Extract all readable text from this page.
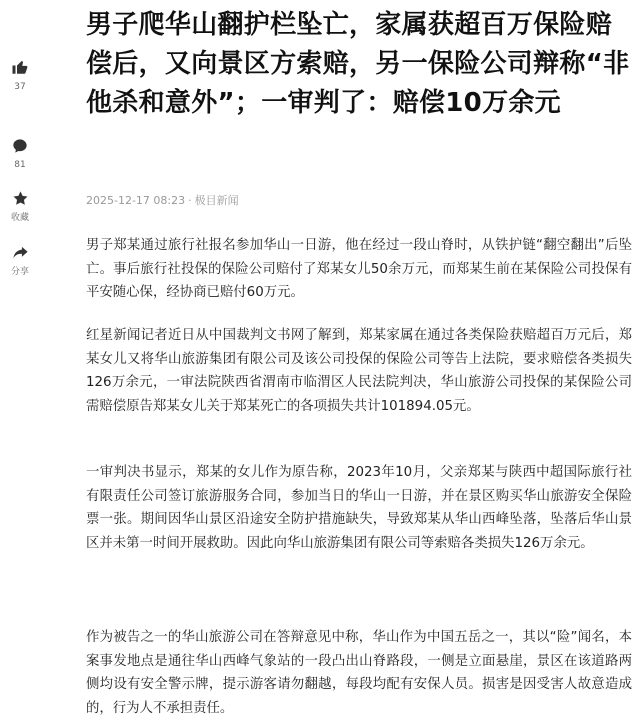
37
81
收藏
分享
男子爬华山翻护栏坠亡，家属获超百万保险赔偿后，又向景区方索赔，另一保险公司辩称“非他杀和意外”；一审判了：赔偿10万余元
2025-12-17 08:23 · 极目新闻

男子郑某通过旅行社报名参加华山一日游，他在经过一段山脊时，从铁护链“翻空翻出”后坠亡。事后旅行社投保的保险公司赔付了郑某女儿50余万元，而郑某生前在某保险公司投保有平安随心保，经协商已赔付60万元。

红星新闻记者近日从中国裁判文书网了解到，郑某家属在通过各类保险获赔超百万元后，郑某女儿又将华山旅游集团有限公司及该公司投保的保险公司等告上法院，要求赔偿各类损失126万余元，一审法院陕西省渭南市临渭区人民法院判决，华山旅游公司投保的某保险公司需赔偿原告郑某女儿关于郑某死亡的各项损失共计101894.05元。

一审判决书显示，郑某的女儿作为原告称，2023年10月，父亲郑某与陕西中超国际旅行社有限责任公司签订旅游服务合同，参加当日的华山一日游，并在景区购买华山旅游安全保险票一张。期间因华山景区沿途安全防护措施缺失，导致郑某从华山西峰坠落，坠落后华山景区并未第一时间开展救助。因此向华山旅游集团有限公司等索赔各类损失126万余元。

作为被告之一的华山旅游公司在答辩意见中称，华山作为中国五岳之一，其以“险”闻名，本案事发地点是通往华山西峰气象站的一段凸出山脊路段，一侧是立面悬崖，景区在该道路两侧均设有安全警示牌，提示游客请勿翻越，每段均配有安保人员。损害是因受害人故意造成的，行为人不承担责任。
